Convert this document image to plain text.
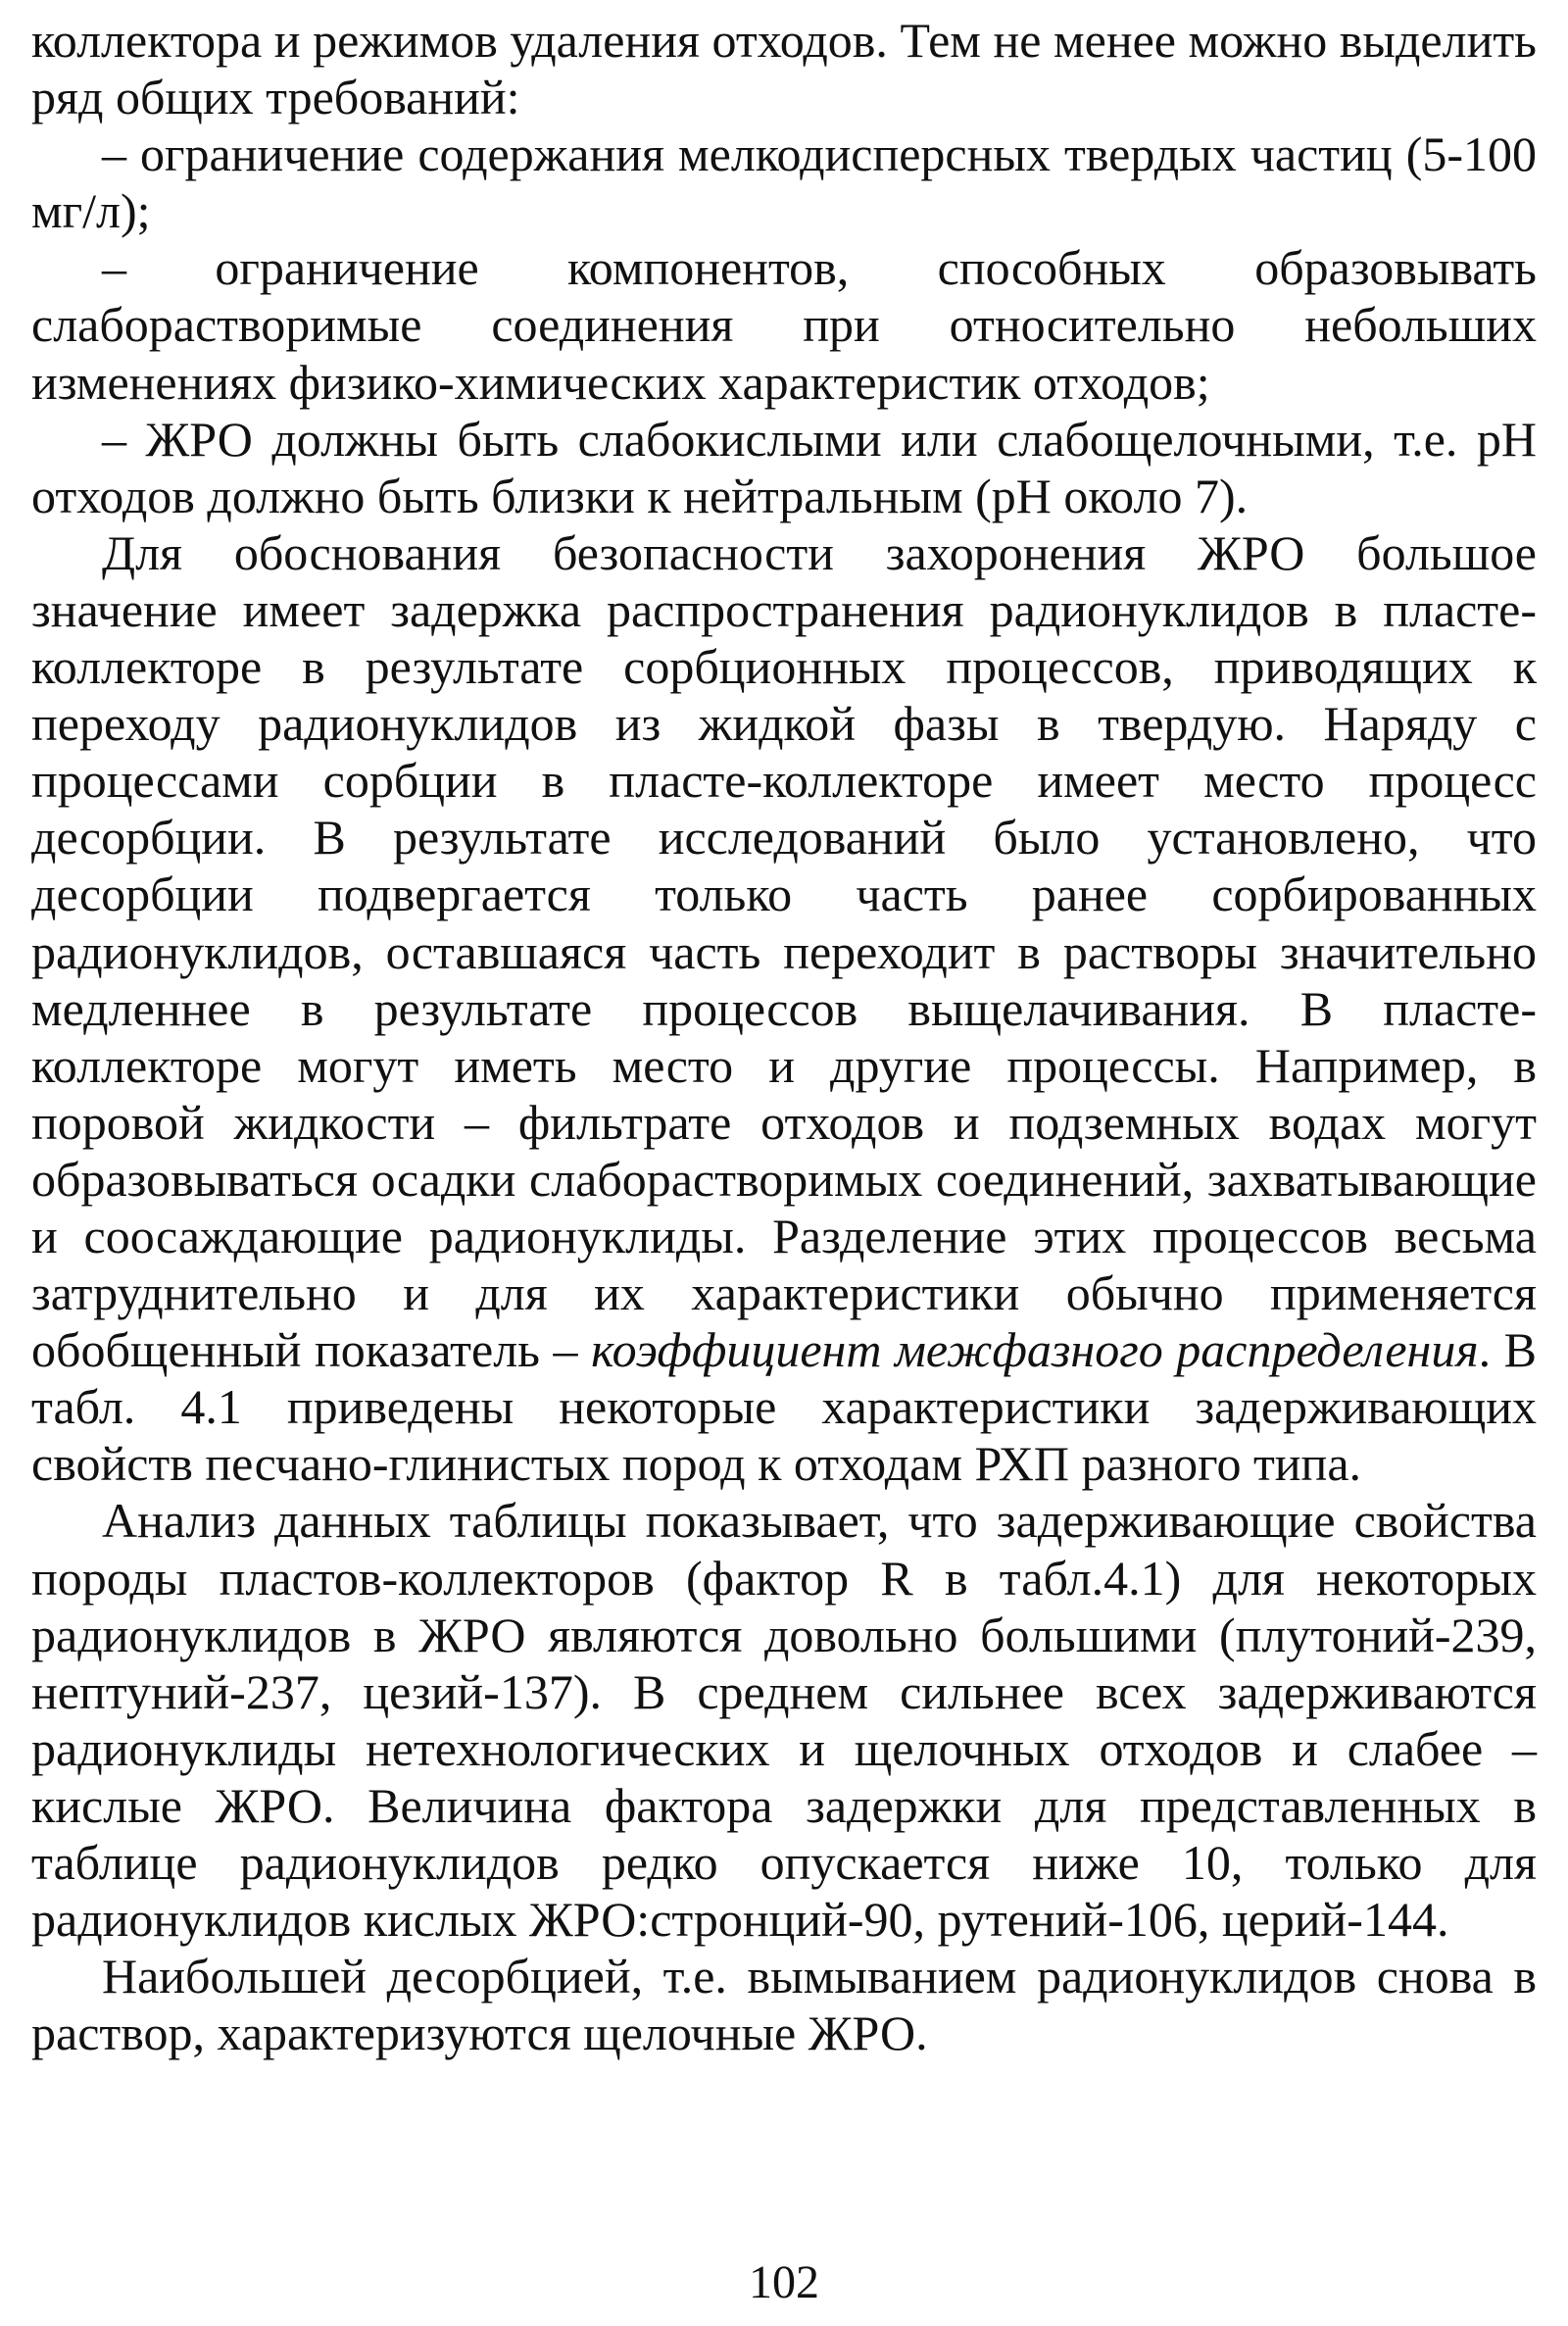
коллектора и режимов удаления отходов. Тем не менее можно выделить ряд общих требований:

– ограничение содержания мелкодисперсных твердых частиц (5-100 мг/л);

– ограничение компонентов, способных образовывать слаборастворимые соединения при относительно небольших изменениях физико-химических характеристик отходов;

– ЖРО должны быть слабокислыми или слабощелочными, т.е. pH отходов должно быть близки к нейтральным (pH около 7).

Для обоснования безопасности захоронения ЖРО большое значение имеет задержка распространения радионуклидов в пласте-коллекторе в результате сорбционных процессов, приводящих к переходу радионуклидов из жидкой фазы в твердую. Наряду с процессами сорбции в пласте-коллекторе имеет место процесс десорбции. В результате исследований было установлено, что десорбции подвергается только часть ранее сорбированных радионуклидов, оставшаяся часть переходит в растворы значительно медленнее в результате процессов выщелачивания. В пласте-коллекторе могут иметь место и другие процессы. Например, в поровой жидкости – фильтрате отходов и подземных водах могут образовываться осадки слаборастворимых соединений, захватывающие и соосаждающие радионуклиды. Разделение этих процессов весьма затруднительно и для их характеристики обычно применяется обобщенный показатель – коэффициент межфазного распределения. В табл. 4.1 приведены некоторые характеристики задерживающих свойств песчано-глинистых пород к отходам РХП разного типа.

Анализ данных таблицы показывает, что задерживающие свойства породы пластов-коллекторов (фактор R в табл.4.1) для некоторых радионуклидов в ЖРО являются довольно большими (плутоний-239, нептуний-237, цезий-137). В среднем сильнее всех задерживаются радионуклиды нетехнологических и щелочных отходов и слабее – кислые ЖРО. Величина фактора задержки для представленных в таблице радионуклидов редко опускается ниже 10, только для радионуклидов кислых ЖРО:стронций-90, рутений-106, церий-144.

Наибольшей десорбцией, т.е. вымыванием радионуклидов снова в раствор, характеризуются щелочные ЖРО.

102
